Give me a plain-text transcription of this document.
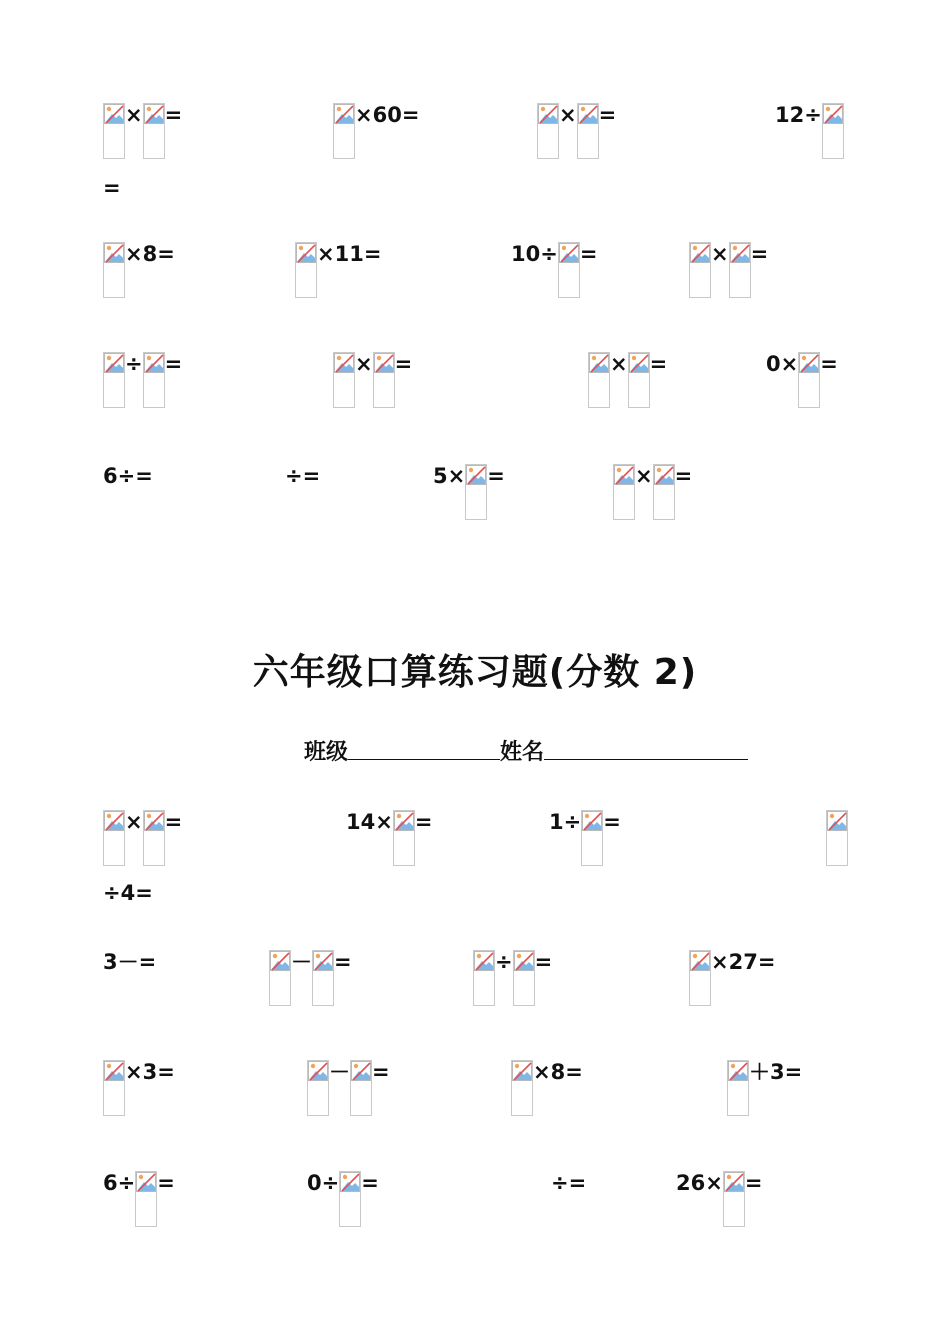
× =	×60=	× =	12÷
=
×8=	×11=	10÷ =	× =
÷ =	× =	× =	0× =
6÷=	÷=	5× =	× =
× =	14× =	1÷ =
÷4=
3－=	－ =	÷ =	×27=
×3=	－ =	×8=	＋3=
6÷ =	0÷ =	÷=	26× =
六年级口算练习题(分数 2)
班级	姓名
